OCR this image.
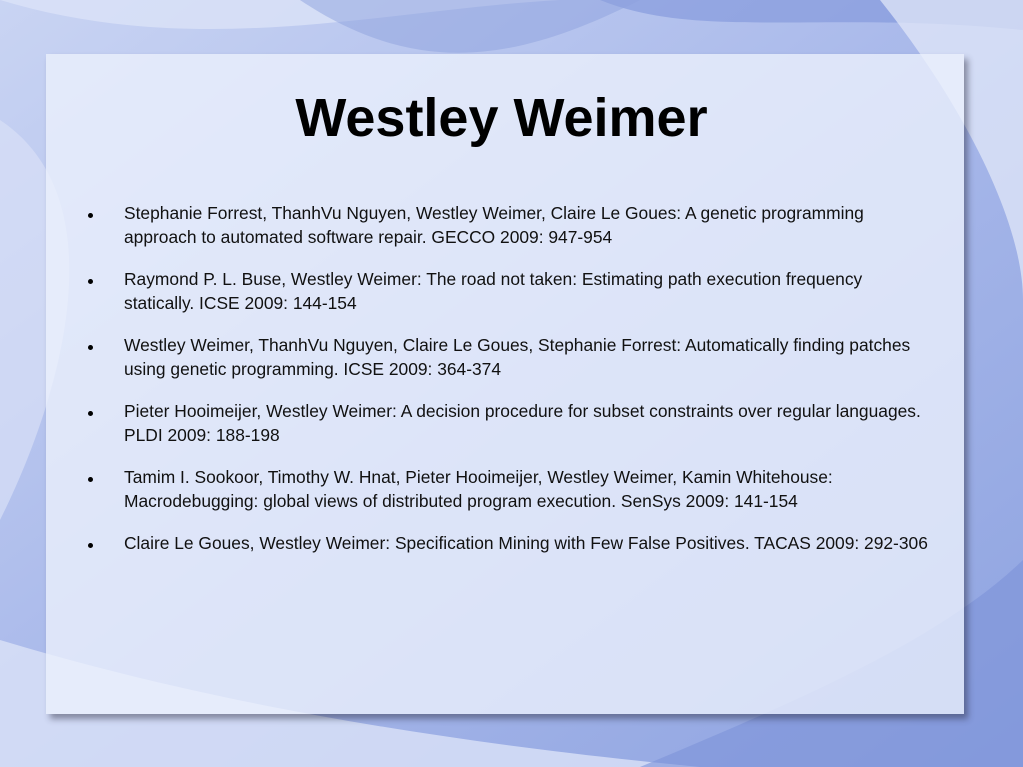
Westley Weimer
Stephanie Forrest, ThanhVu Nguyen, Westley Weimer, Claire Le Goues: A genetic programming approach to automated software repair. GECCO 2009: 947-954
Raymond P. L. Buse, Westley Weimer: The road not taken: Estimating path execution frequency statically. ICSE 2009: 144-154
Westley Weimer, ThanhVu Nguyen, Claire Le Goues, Stephanie Forrest: Automatically finding patches using genetic programming. ICSE 2009: 364-374
Pieter Hooimeijer, Westley Weimer: A decision procedure for subset constraints over regular languages. PLDI 2009: 188-198
Tamim I. Sookoor, Timothy W. Hnat, Pieter Hooimeijer, Westley Weimer, Kamin Whitehouse: Macrodebugging: global views of distributed program execution. SenSys 2009: 141-154
Claire Le Goues, Westley Weimer: Specification Mining with Few False Positives. TACAS 2009: 292-306
